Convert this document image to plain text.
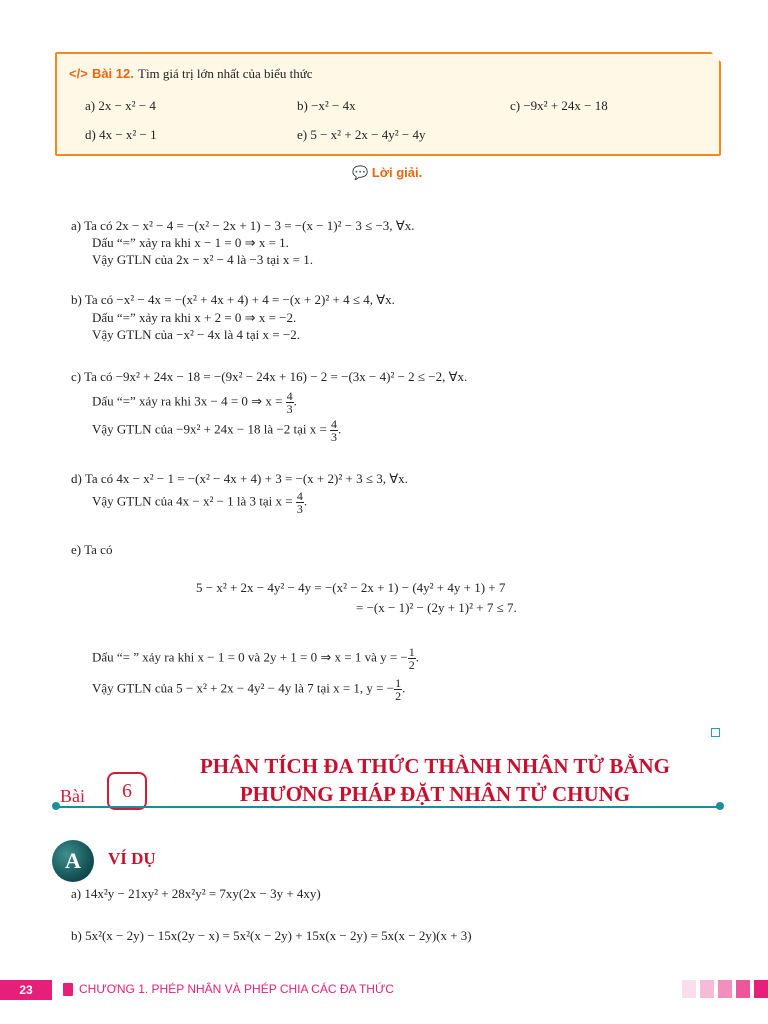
</> Bài 12. Tìm giá trị lớn nhất của biểu thức
a) 2x − x² − 4	b) −x² − 4x	c) −9x² + 24x − 18
d) 4x − x² − 1	e) 5 − x² + 2x − 4y² − 4y
💬 Lời giải.
a) Ta có 2x − x² − 4 = −(x² − 2x + 1) − 3 = −(x − 1)² − 3 ≤ −3, ∀x.
Dấu “=” xảy ra khi x − 1 = 0 ⇒ x = 1.
Vậy GTLN của 2x − x² − 4 là −3 tại x = 1.
b) Ta có −x² − 4x = −(x² + 4x + 4) + 4 = −(x + 2)² + 4 ≤ 4, ∀x.
Dấu “=” xảy ra khi x + 2 = 0 ⇒ x = −2.
Vậy GTLN của −x² − 4x là 4 tại x = −2.
c) Ta có −9x² + 24x − 18 = −(9x² − 24x + 16) − 2 = −(3x − 4)² − 2 ≤ −2, ∀x.
Dấu “=” xảy ra khi 3x − 4 = 0 ⇒ $x = \frac{4}{3}$ .
Vậy GTLN của −9x² + 24x − 18 là −2 tại $x = \frac{4}{3}$ .
d) Ta có 4x − x² − 1 = −(x² − 4x + 4) + 3 = −(x + 2)² + 3 ≤ 3, ∀x.
Vậy GTLN của 4x − x² − 1 là 3 tại $x = \frac{4}{3}$ .
e) Ta có
5 − x² + 2x − 4y² − 4y = −(x² − 2x + 1) − (4y² + 4y + 1) + 7
= −(x − 1)² − (2y + 1)² + 7 ≤ 7.
Dấu “= ” xảy ra khi x − 1 = 0 và 2y + 1 = 0 ⇒ x = 1 và y = − $\frac{1}{2}$ .
Vậy GTLN của 5 − x² + 2x − 4y² − 4y là 7 tại x = 1, y = − $\frac{1}{2}$ .
Bài	6
PHÂN TÍCH ĐA THỨC THÀNH NHÂN TỬ BẰNG
PHƯƠNG PHÁP ĐẶT NHÂN TỬ CHUNG
A	VÍ DỤ
a) 14x²y − 21xy² + 28x²y² = 7xy(2x − 3y + 4xy)
b) 5x²(x − 2y) − 15x(2y − x) = 5x²(x − 2y) + 15x(x − 2y) = 5x(x − 2y)(x + 3)
23	CHƯƠNG 1. PHÉP NHÂN VÀ PHÉP CHIA CÁC ĐA THỨC
